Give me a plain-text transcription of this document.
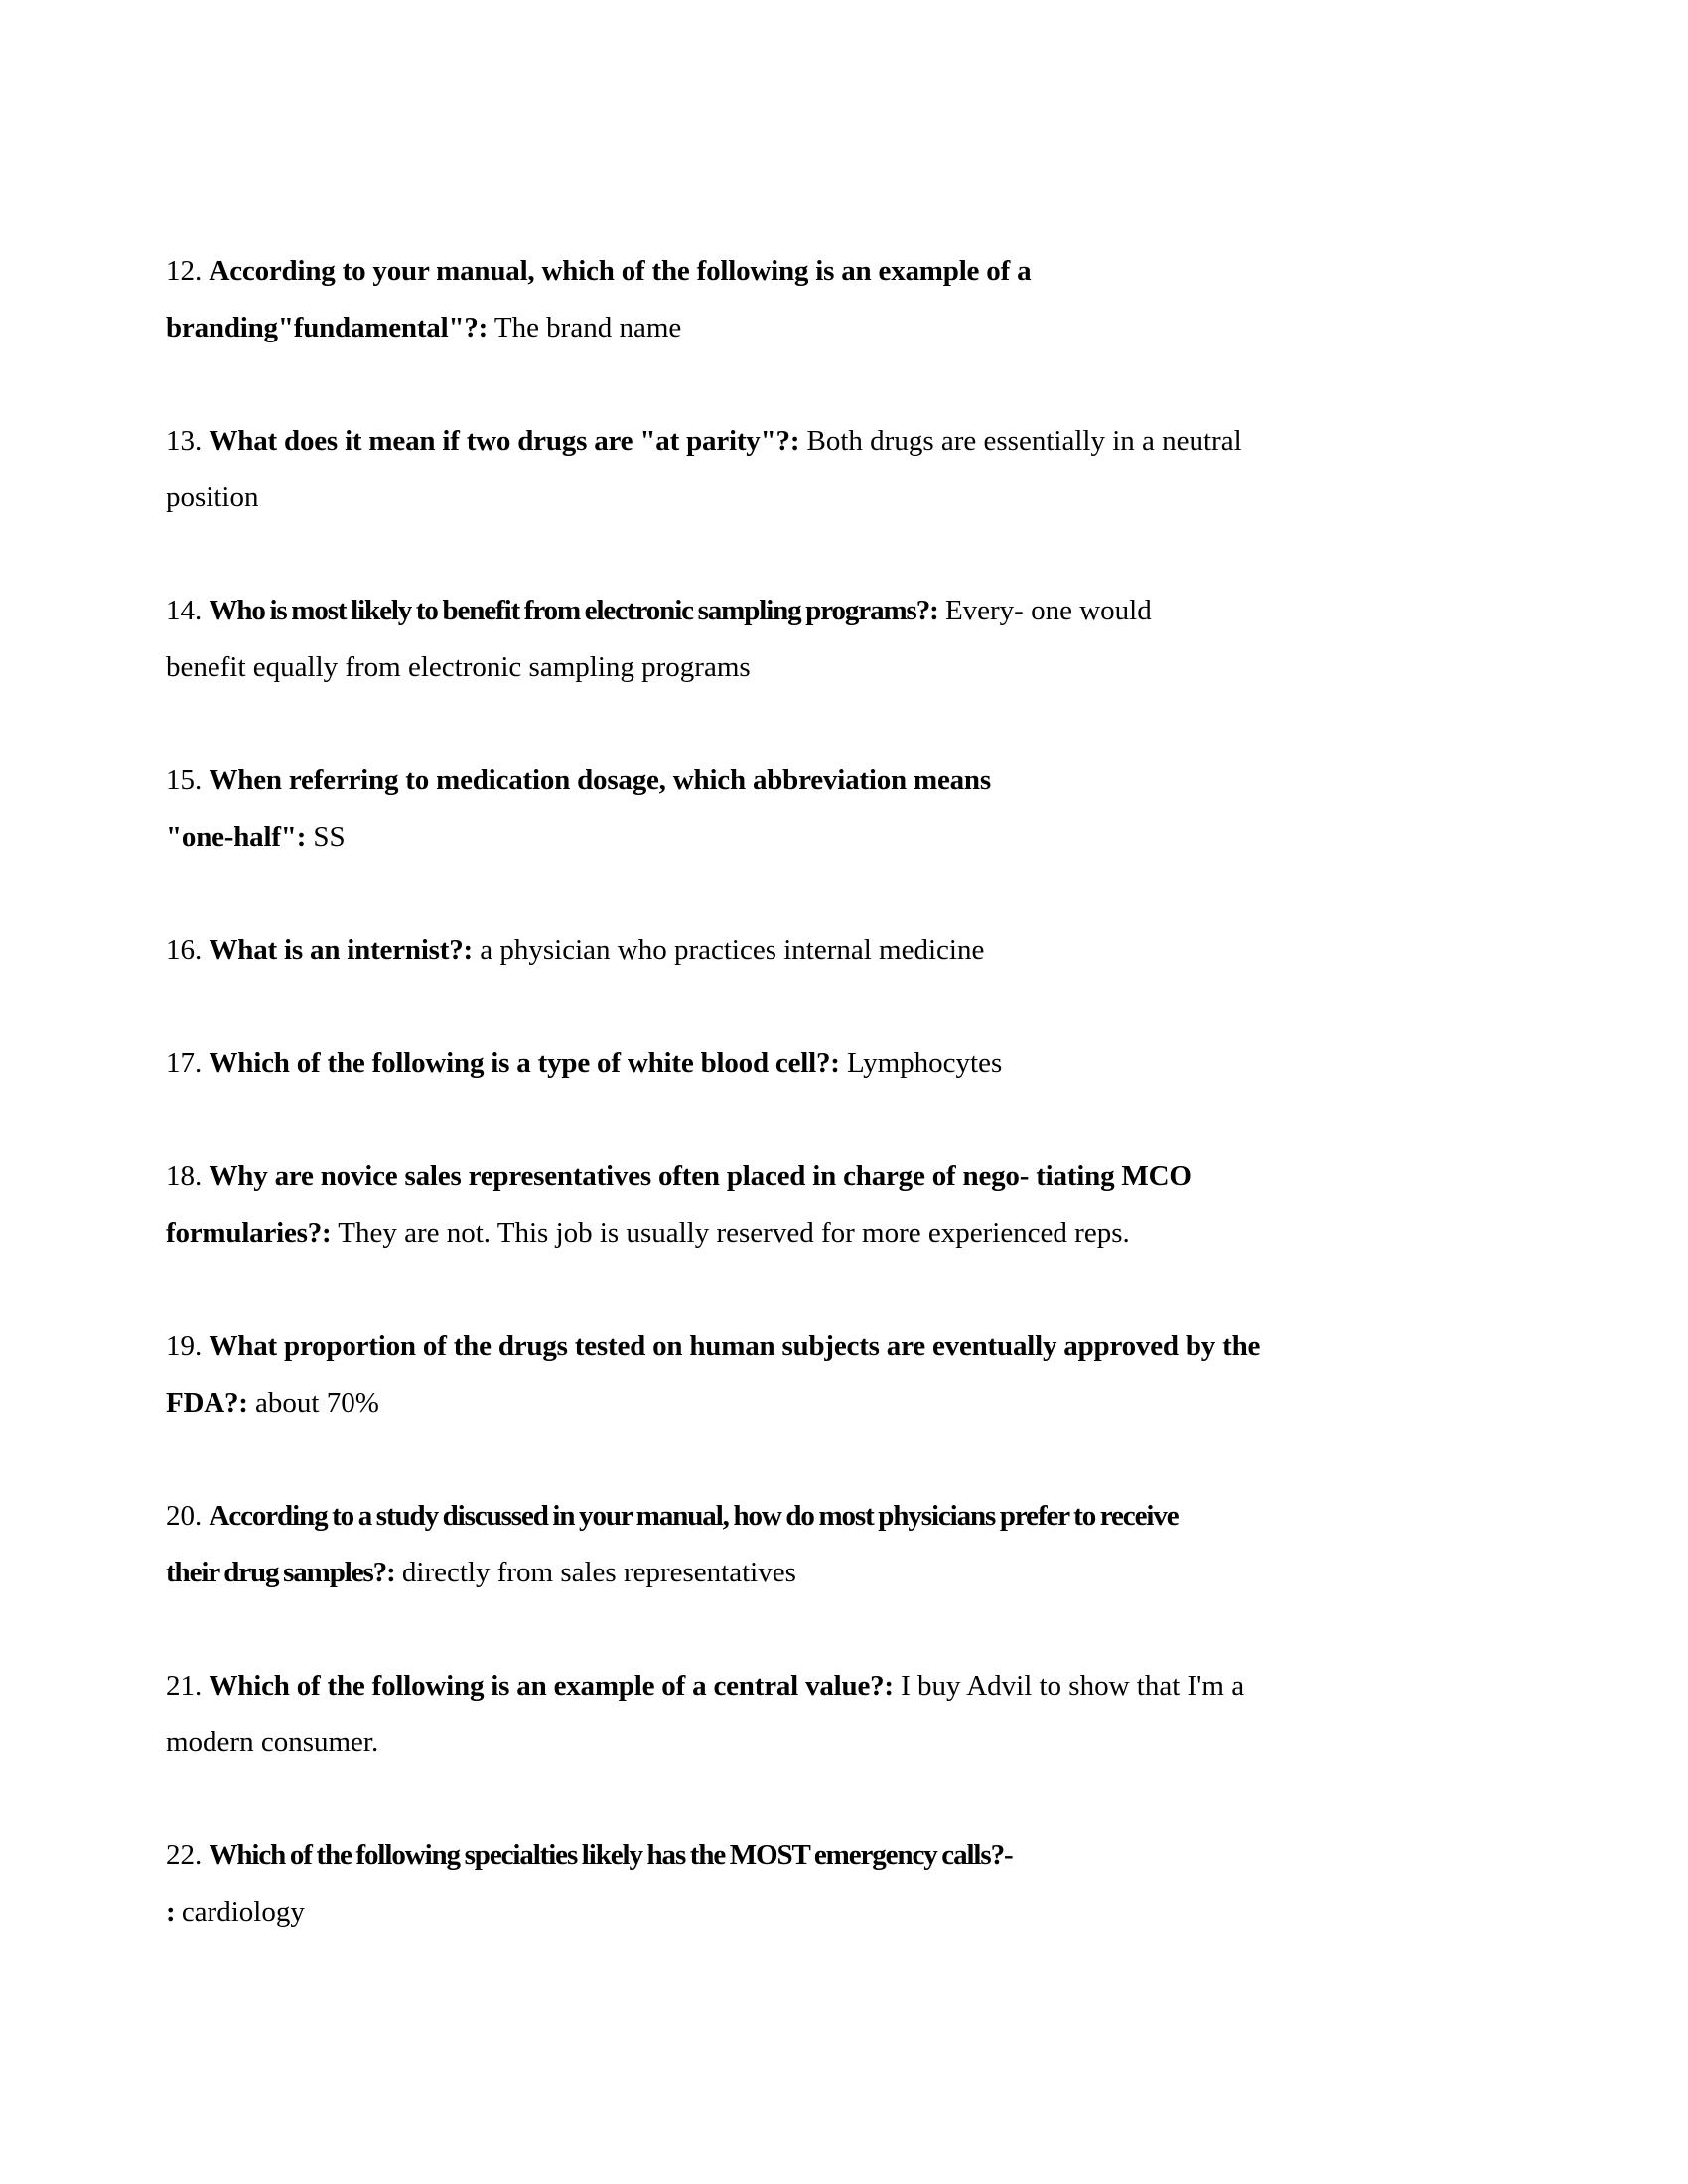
12. According to your manual, which of the following is an example of a
branding"fundamental"?: The brand name
13. What does it mean if two drugs are "at parity"?: Both drugs are essentially in a neutral
position
14. Who is most likely to benefit from electronic sampling programs?: Every- one would
benefit equally from electronic sampling programs
15. When referring to medication dosage, which abbreviation means
"one-half": SS
16. What is an internist?: a physician who practices internal medicine
17. Which of the following is a type of white blood cell?: Lymphocytes
18. Why are novice sales representatives often placed in charge of nego- tiating MCO
formularies?: They are not. This job is usually reserved for more experienced reps.
19. What proportion of the drugs tested on human subjects are eventually approved by the
FDA?: about 70%
20. According to a study discussed in your manual, how do most physicians prefer to receive
their drug samples?: directly from sales representatives
21. Which of the following is an example of a central value?: I buy Advil to show that I'm a
modern consumer.
22. Which of the following specialties likely has the MOST emergency calls?-
: cardiology
